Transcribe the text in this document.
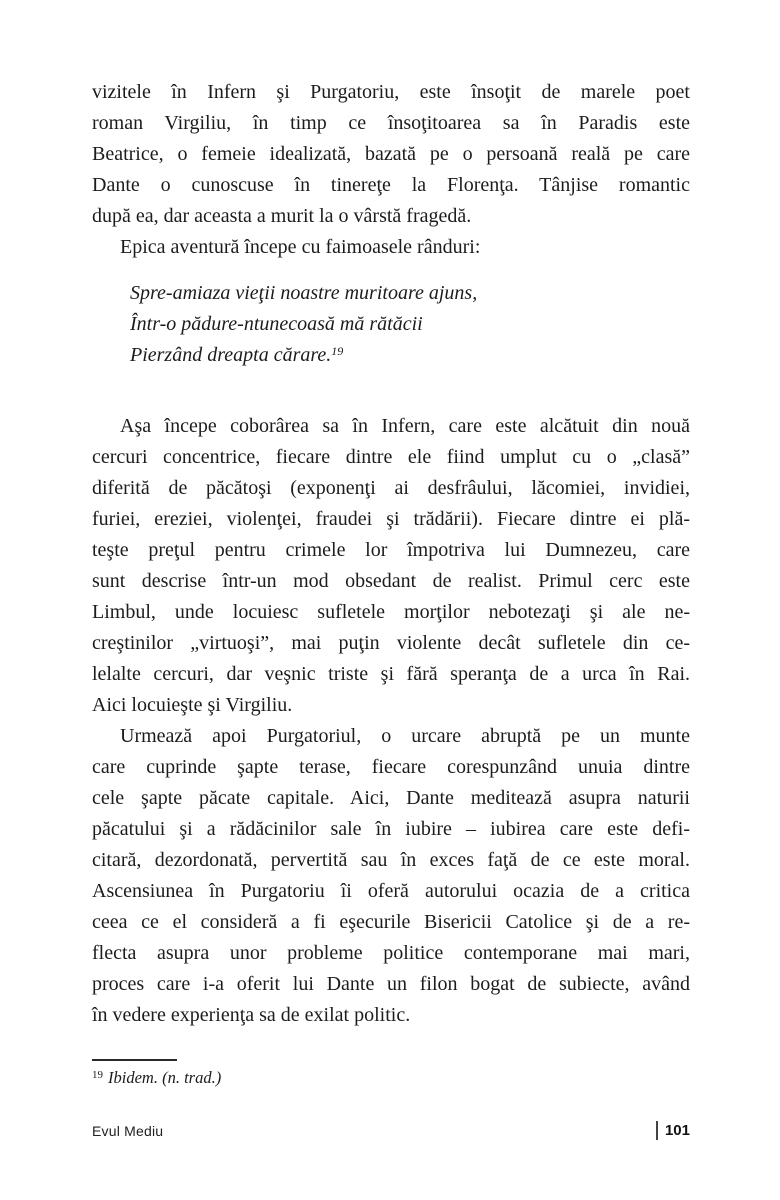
vizitele în Infern şi Purgatoriu, este însoţit de marele poet
roman Virgiliu, în timp ce însoţitoarea sa în Paradis este
Beatrice, o femeie idealizată, bazată pe o persoană reală pe care
Dante o cunoscuse în tinereţe la Florenţa. Tânjise romantic
după ea, dar aceasta a murit la o vârstă fragedă.

Epica aventură începe cu faimoasele rânduri:

Spre-amiaza vieţii noastre muritoare ajuns,
Într-o pădure-ntunecoasă mă rătăcii
Pierzând dreapta cărare.$^{19}$

Aşa începe coborârea sa în Infern, care este alcătuit din nouă
cercuri concentrice, fiecare dintre ele fiind umplut cu o „clasă”
diferită de păcătoşi (exponenţi ai desfrâului, lăcomiei, invidiei,
furiei, ereziei, violenţei, fraudei şi trădării). Fiecare dintre ei plă-
teşte preţul pentru crimele lor împotriva lui Dumnezeu, care
sunt descrise într-un mod obsedant de realist. Primul cerc este
Limbul, unde locuiesc sufletele morţilor nebotezaţi şi ale ne-
creştinilor „virtuoşi”, mai puţin violente decât sufletele din ce-
lelalte cercuri, dar veşnic triste şi fără speranţa de a urca în Rai.
Aici locuieşte şi Virgiliu.

Urmează apoi Purgatoriul, o urcare abruptă pe un munte
care cuprinde şapte terase, fiecare corespunzând unuia dintre
cele şapte păcate capitale. Aici, Dante meditează asupra naturii
păcatului şi a rădăcinilor sale în iubire – iubirea care este defi-
citară, dezordonată, pervertită sau în exces faţă de ce este moral.
Ascensiunea în Purgatoriu îi oferă autorului ocazia de a critica
ceea ce el consideră a fi eşecurile Bisericii Catolice şi de a re-
flecta asupra unor probleme politice contemporane mai mari,
proces care i-a oferit lui Dante un filon bogat de subiecte, având
în vedere experienţa sa de exilat politic.

$^{19}$ Ibidem. (n. trad.)
Evul Mediu	101
